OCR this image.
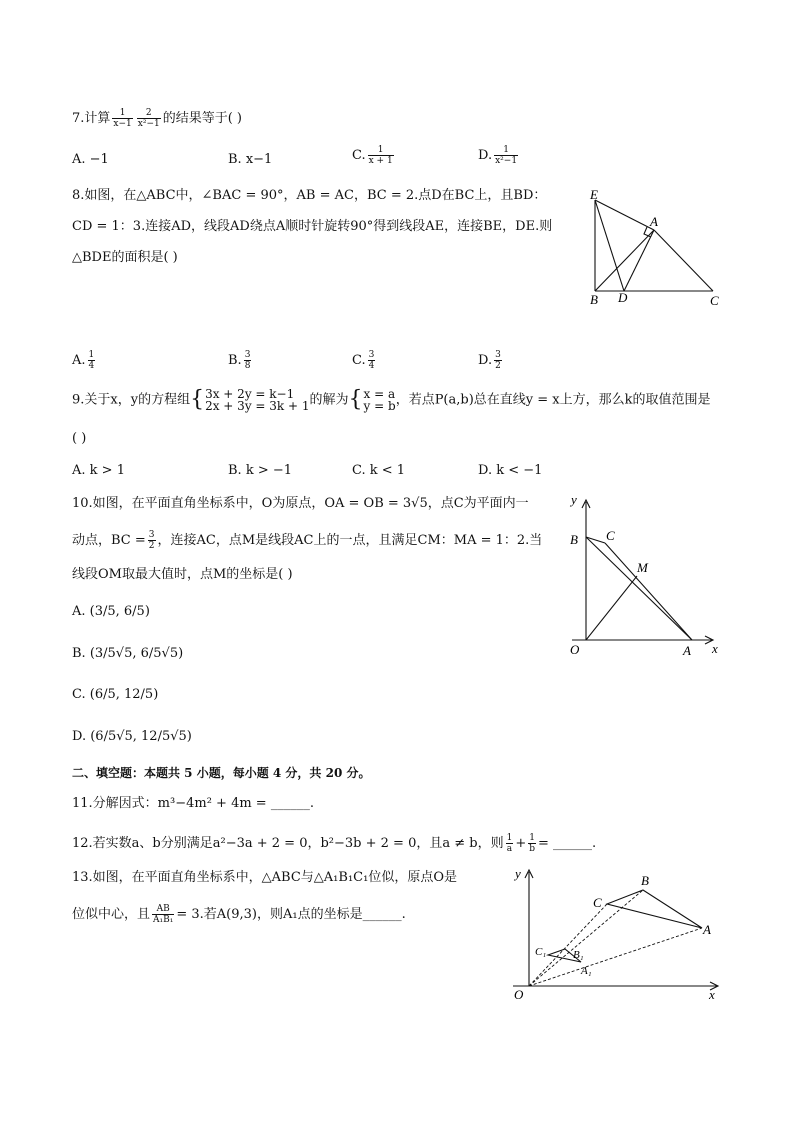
7.计算 $\frac{1}{x-1} \frac{2}{\text{x²−1}}$ 的结果等于( )
A. −1	B. x−1	C. $\frac{1}{x + 1}$	D. $\frac{1}{\text{x²−1}}$
8.如图，在△ABC中，∠BAC = 90°，AB = AC，BC = 2.点D在BC上，且BD：
CD = 1：3.连接AD，线段AD绕点A顺时针旋转90°得到线段AE，连接BE，DE.则
△BDE的面积是( )
E
A
B D	C
A. $\frac{1}{4}$	B. $\frac{3}{8}$	C. $\frac{3}{4}$	D. $\frac{3}{2}$
9.关于x，y的方程组{ 3x + 2y = k−1
2x + 3y = 3k + 1 的解为{ x = a
y = b ，若点P(a,b)总在直线y = x上方，那么k的取值范围是
( )
A. k > 1	B. k > −1	C. k < 1	D. k < −1
10.如图，在平面直角坐标系中，O为原点，OA = OB = 3√5，点C为平面内一
动点，BC = $\frac{3}{2}$ ，连接AC，点M是线段AC上的一点，且满足CM：MA = 1：2.当
线段OM取最大值时，点M的坐标是( )
A. (3/5, 6/5)
B. (3/5√5, 6/5√5)
C. (6/5, 12/5)
D. (6/5√5, 12/5√5)
y
x
O	A
B C
M
二、填空题：本题共 5 小题，每小题 4 分，共 20 分。
11.分解因式：m³−4m² + 4m = ______.
12.若实数a、b分别满足a²−3a + 2 = 0，b²−3b + 2 = 0，且a ≠ b，则 $\frac{1}{a} + \frac{1}{b}$ = ______.
13.如图，在平面直角坐标系中，△ABC与△A₁B₁C₁位似，原点O是
位似中心，且 $\frac{AB}{\text{A₁B₁}} = 3$.若A(9,3)，则A₁点的坐标是______.
y
x
O
A
B
C
A₁
B₁
C₁
